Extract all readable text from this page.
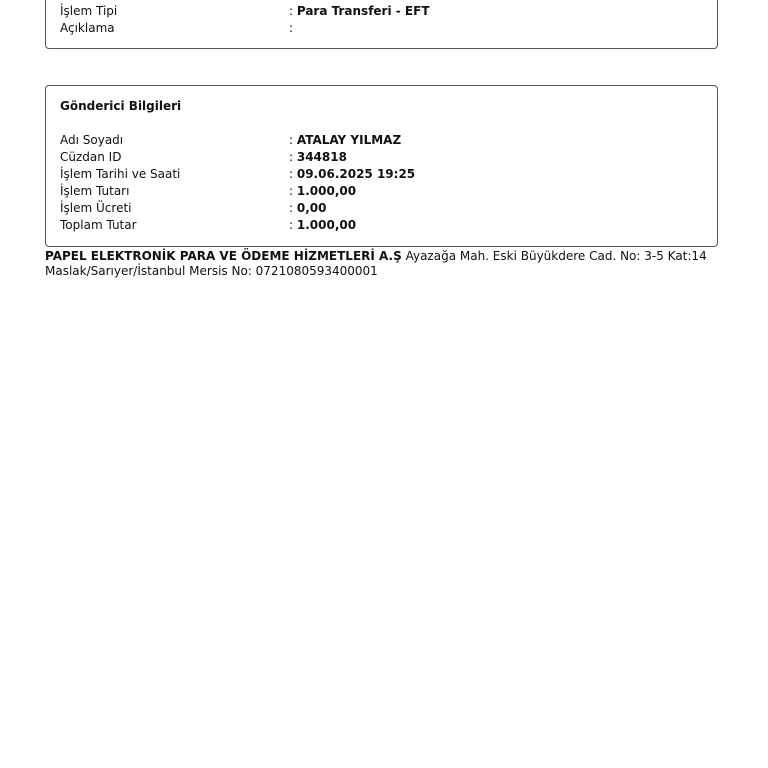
İşlem Tipi	: Para Transferi - EFT
Açıklama	:
Gönderici Bilgileri
Adı Soyadı	: ATALAY YILMAZ
Cüzdan ID	: 344818
İşlem Tarihi ve Saati	: 09.06.2025 19:25
İşlem Tutarı	: 1.000,00
İşlem Ücreti	: 0,00
Toplam Tutar	: 1.000,00
PAPEL ELEKTRONİK PARA VE ÖDEME HİZMETLERİ A.Ş Ayazağa Mah. Eski Büyükdere Cad. No: 3-5 Kat:14 Maslak/Sarıyer/İstanbul Mersis No: 0721080593400001
